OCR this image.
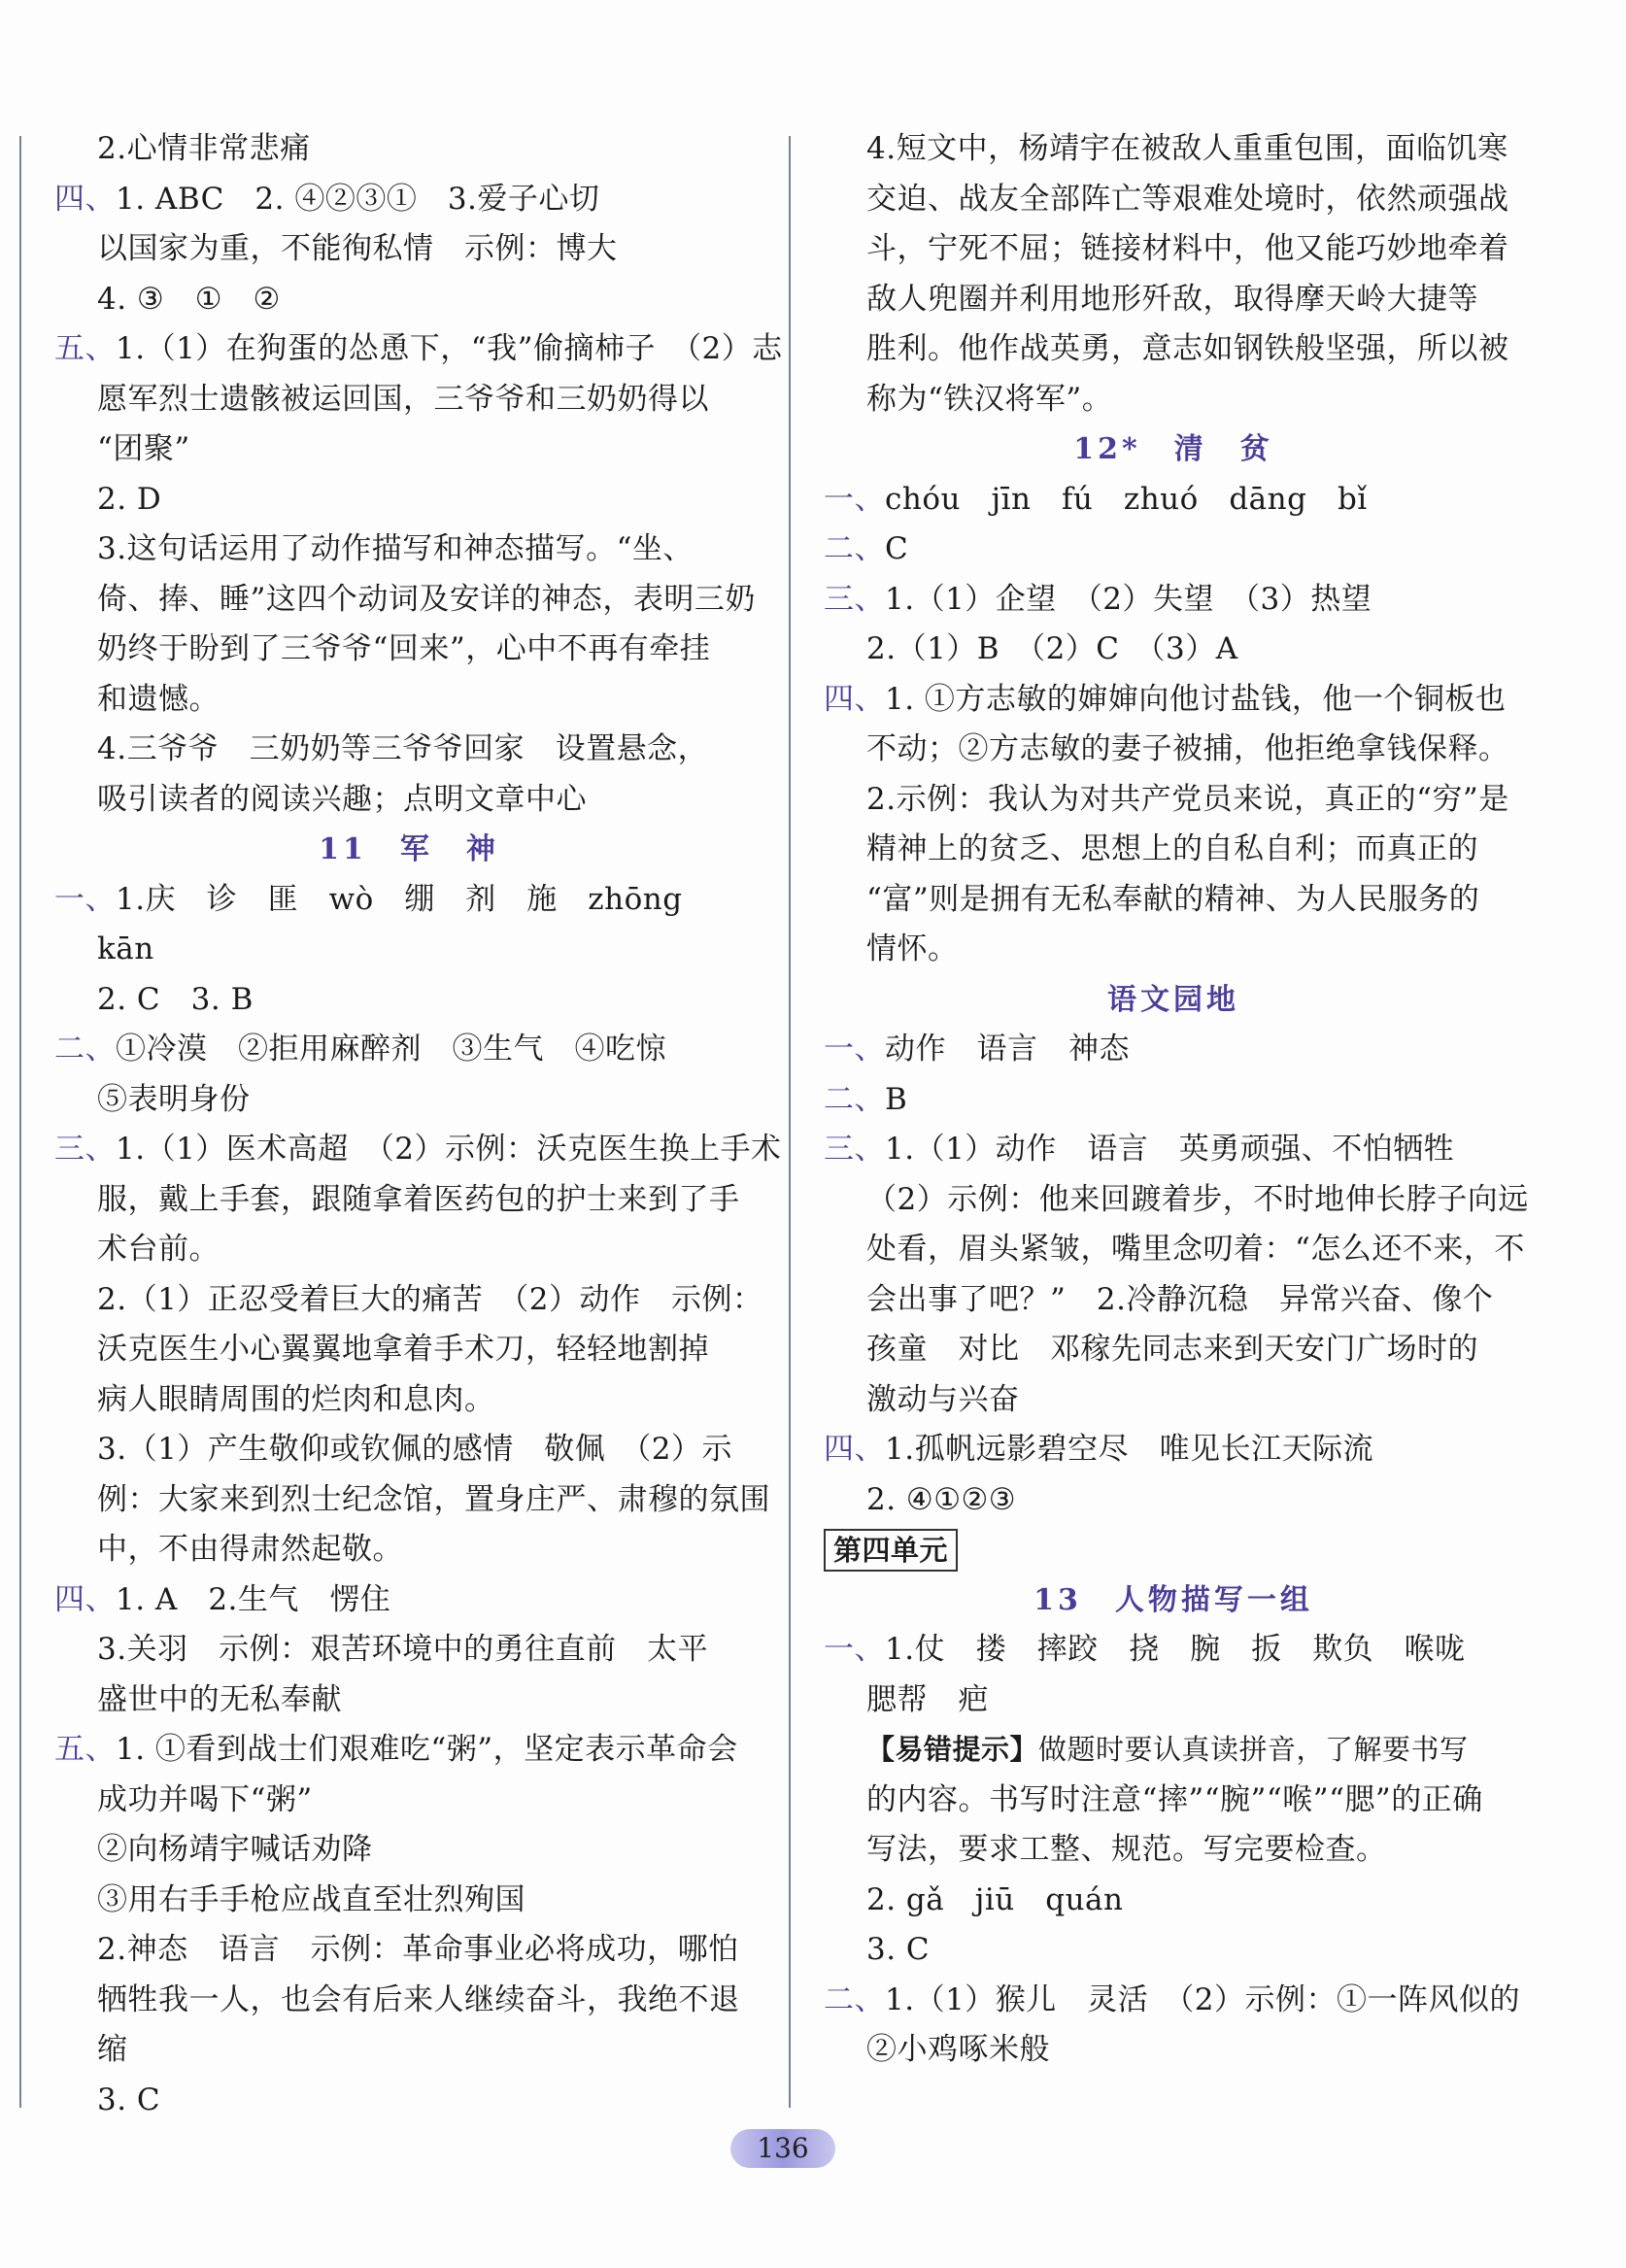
2.心情非常悲痛
四、1. ABC　2. ④②③①　3.爱子心切
以国家为重，不能徇私情　示例：博大
4. ③　①　②
五、1.（1）在狗蛋的怂恿下，“我”偷摘柿子　（2）志
愿军烈士遗骸被运回国，三爷爷和三奶奶得以
“团聚”
2. D
3.这句话运用了动作描写和神态描写。“坐、
倚、捧、睡”这四个动词及安详的神态，表明三奶
奶终于盼到了三爷爷“回来”，心中不再有牵挂
和遗憾。
4.三爷爷　三奶奶等三爷爷回家　设置悬念，
吸引读者的阅读兴趣；点明文章中心
11　军　神
一、1.庆　诊　匪　wò　绷　剂　施　zhōng
kān
2. C　3. B
二、①冷漠　②拒用麻醉剂　③生气　④吃惊
⑤表明身份
三、1.（1）医术高超　（2）示例：沃克医生换上手术
服，戴上手套，跟随拿着医药包的护士来到了手
术台前。
2.（1）正忍受着巨大的痛苦　（2）动作　示例：
沃克医生小心翼翼地拿着手术刀，轻轻地割掉
病人眼睛周围的烂肉和息肉。
3.（1）产生敬仰或钦佩的感情　敬佩　（2）示
例：大家来到烈士纪念馆，置身庄严、肃穆的氛围
中，不由得肃然起敬。
四、1. A　2.生气　愣住
3.关羽　示例：艰苦环境中的勇往直前　太平
盛世中的无私奉献
五、1. ①看到战士们艰难吃“粥”，坚定表示革命会
成功并喝下“粥”
②向杨靖宇喊话劝降
③用右手手枪应战直至壮烈殉国
2.神态　语言　示例：革命事业必将成功，哪怕
牺牲我一人，也会有后来人继续奋斗，我绝不退
缩
3. C
4.短文中，杨靖宇在被敌人重重包围，面临饥寒
交迫、战友全部阵亡等艰难处境时，依然顽强战
斗，宁死不屈；链接材料中，他又能巧妙地牵着
敌人兜圈并利用地形歼敌，取得摩天岭大捷等
胜利。他作战英勇，意志如钢铁般坚强，所以被
称为“铁汉将军”。
12*　清　贫
一、chóu　jīn　fú　zhuó　dāng　bǐ
二、C
三、1.（1）企望　（2）失望　（3）热望
2.（1）B　（2）C　（3）A
四、1. ①方志敏的婶婶向他讨盐钱，他一个铜板也
不动；②方志敏的妻子被捕，他拒绝拿钱保释。
2.示例：我认为对共产党员来说，真正的“穷”是
精神上的贫乏、思想上的自私自利；而真正的
“富”则是拥有无私奉献的精神、为人民服务的
情怀。
语文园地
一、动作　语言　神态
二、B
三、1.（1）动作　语言　英勇顽强、不怕牺牲
（2）示例：他来回踱着步，不时地伸长脖子向远
处看，眉头紧皱，嘴里念叨着：“怎么还不来，不
会出事了吧？”　2.冷静沉稳　异常兴奋、像个
孩童　对比　邓稼先同志来到天安门广场时的
激动与兴奋
四、1.孤帆远影碧空尽　唯见长江天际流
2. ④①②③
第四单元
13　人物描写一组
一、1.仗　搂　摔跤　挠　腕　扳　欺负　喉咙
腮帮　疤
【易错提示】做题时要认真读拼音，了解要书写
的内容。书写时注意“摔”“腕”“喉”“腮”的正确
写法，要求工整、规范。写完要检查。
2. gǎ　jiū　quán
3. C
二、1.（1）猴儿　灵活　（2）示例：①一阵风似的
②小鸡啄米般
136
